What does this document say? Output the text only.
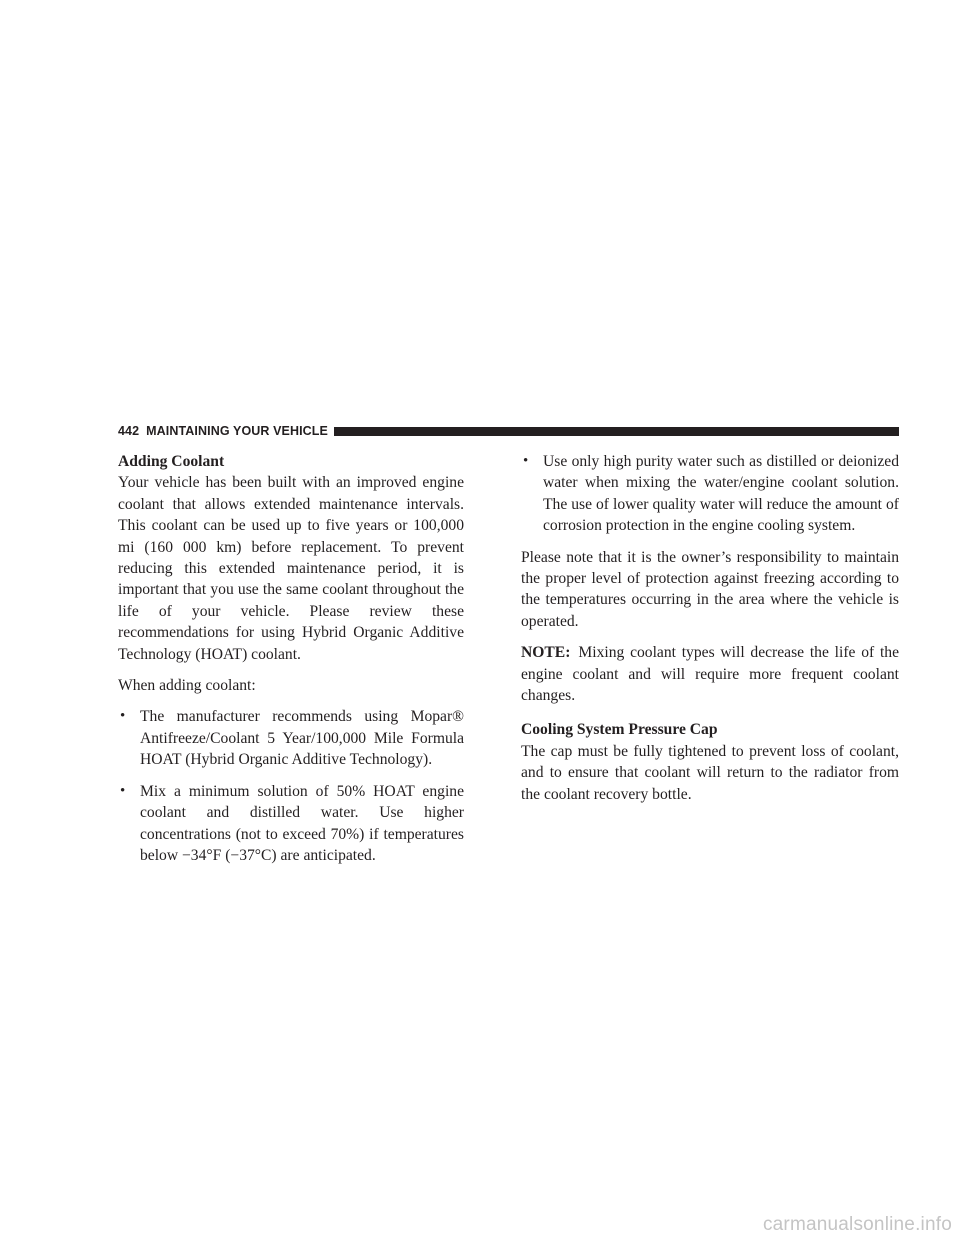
442 MAINTAINING YOUR VEHICLE
Adding Coolant

Your vehicle has been built with an improved engine coolant that allows extended maintenance intervals. This coolant can be used up to five years or 100,000 mi (160 000 km) before replacement. To prevent reducing this extended maintenance period, it is important that you use the same coolant throughout the life of your vehicle. Please review these recommendations for using Hybrid Organic Additive Technology (HOAT) coolant.

When adding coolant:

• The manufacturer recommends using Mopar® Antifreeze/Coolant 5 Year/100,000 Mile Formula HOAT (Hybrid Organic Additive Technology).
• Mix a minimum solution of 50% HOAT engine coolant and distilled water. Use higher concentrations (not to exceed 70%) if temperatures below −34°F (−37°C) are anticipated.
• Use only high purity water such as distilled or deionized water when mixing the water/engine coolant solution. The use of lower quality water will reduce the amount of corrosion protection in the engine cooling system.

Please note that it is the owner’s responsibility to maintain the proper level of protection against freezing according to the temperatures occurring in the area where the vehicle is operated.

NOTE: Mixing coolant types will decrease the life of the engine coolant and will require more frequent coolant changes.

Cooling System Pressure Cap

The cap must be fully tightened to prevent loss of coolant, and to ensure that coolant will return to the radiator from the coolant recovery bottle.

carmanualsonline.info
